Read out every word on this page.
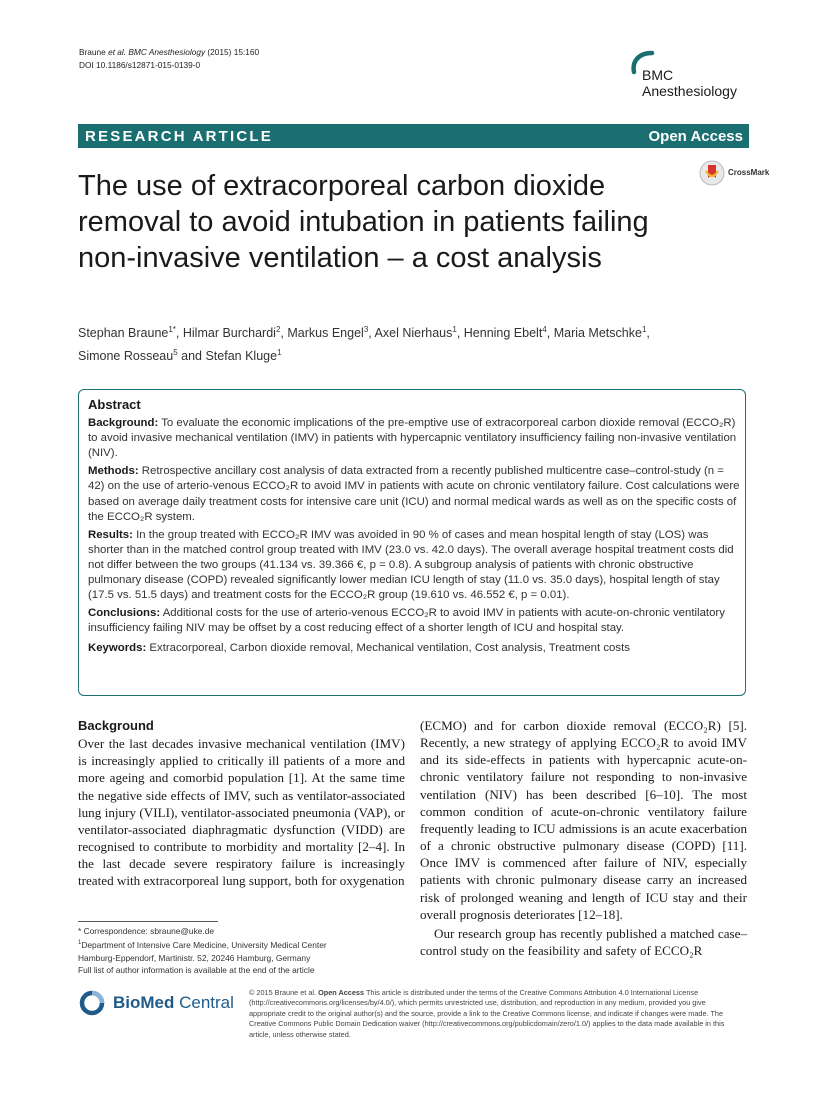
Braune et al. BMC Anesthesiology (2015) 15:160
DOI 10.1186/s12871-015-0139-0
BMC
Anesthesiology
RESEARCH ARTICLE	Open Access
CrossMark
The use of extracorporeal carbon dioxide removal to avoid intubation in patients failing non-invasive ventilation – a cost analysis
Stephan Braune$^{1*}$, Hilmar Burchardi$^2$, Markus Engel$^3$, Axel Nierhaus$^1$, Henning Ebelt$^4$, Maria Metschke$^1$,
Simone Rosseau$^5$ and Stefan Kluge$^1$
Abstract

Background: To evaluate the economic implications of the pre-emptive use of extracorporeal carbon dioxide removal (ECCO₂R) to avoid invasive mechanical ventilation (IMV) in patients with hypercapnic ventilatory insufficiency failing non-invasive ventilation (NIV).

Methods: Retrospective ancillary cost analysis of data extracted from a recently published multicentre case–control-study (n = 42) on the use of arterio-venous ECCO₂R to avoid IMV in patients with acute on chronic ventilatory failure. Cost calculations were based on average daily treatment costs for intensive care unit (ICU) and normal medical wards as well as on the specific costs of the ECCO₂R system.

Results: In the group treated with ECCO₂R IMV was avoided in 90 % of cases and mean hospital length of stay (LOS) was shorter than in the matched control group treated with IMV (23.0 vs. 42.0 days). The overall average hospital treatment costs did not differ between the two groups (41.134 vs. 39.366 €, p = 0.8). A subgroup analysis of patients with chronic obstructive pulmonary disease (COPD) revealed significantly lower median ICU length of stay (11.0 vs. 35.0 days), hospital length of stay (17.5 vs. 51.5 days) and treatment costs for the ECCO₂R group (19.610 vs. 46.552 €, p = 0.01).

Conclusions: Additional costs for the use of arterio-venous ECCO₂R to avoid IMV in patients with acute-on-chronic ventilatory insufficiency failing NIV may be offset by a cost reducing effect of a shorter length of ICU and hospital stay.

Keywords: Extracorporeal, Carbon dioxide removal, Mechanical ventilation, Cost analysis, Treatment costs

Background

Over the last decades invasive mechanical ventilation (IMV) is increasingly applied to critically ill patients of a more and more ageing and comorbid population [1]. At the same time the negative side effects of IMV, such as ventilator-associated lung injury (VILI), ventilator-associated pneumonia (VAP), or ventilator-associated diaphragmatic dysfunction (VIDD) are recognised to contribute to morbidity and mortality [2–4]. In the last decade severe respiratory failure is increasingly treated with extracorporeal lung support, both for oxygenation

(ECMO) and for carbon dioxide removal (ECCO₂R) [5]. Recently, a new strategy of applying ECCO₂R to avoid IMV and its side-effects in patients with hypercapnic acute-on-chronic ventilatory failure not responding to non-invasive ventilation (NIV) has been described [6–10]. The most common condition of acute-on-chronic ventilatory failure frequently leading to ICU admissions is an acute exacerbation of a chronic obstructive pulmonary disease (COPD) [11]. Once IMV is commenced after failure of NIV, especially patients with chronic pulmonary disease carry an increased risk of prolonged weaning and length of ICU stay and their overall prognosis deteriorates [12–18].

Our research group has recently published a matched case–control study on the feasibility and safety of ECCO₂R

* Correspondence: sbraune@uke.de
$^1$Department of Intensive Care Medicine, University Medical Center
Hamburg-Eppendorf, Martinistr. 52, 20246 Hamburg, Germany
Full list of author information is available at the end of the article
BioMed Central
© 2015 Braune et al. Open Access This article is distributed under the terms of the Creative Commons Attribution 4.0 International License (http://creativecommons.org/licenses/by/4.0/), which permits unrestricted use, distribution, and reproduction in any medium, provided you give appropriate credit to the original author(s) and the source, provide a link to the Creative Commons license, and indicate if changes were made. The Creative Commons Public Domain Dedication waiver (http://creativecommons.org/publicdomain/zero/1.0/) applies to the data made available in this article, unless otherwise stated.
